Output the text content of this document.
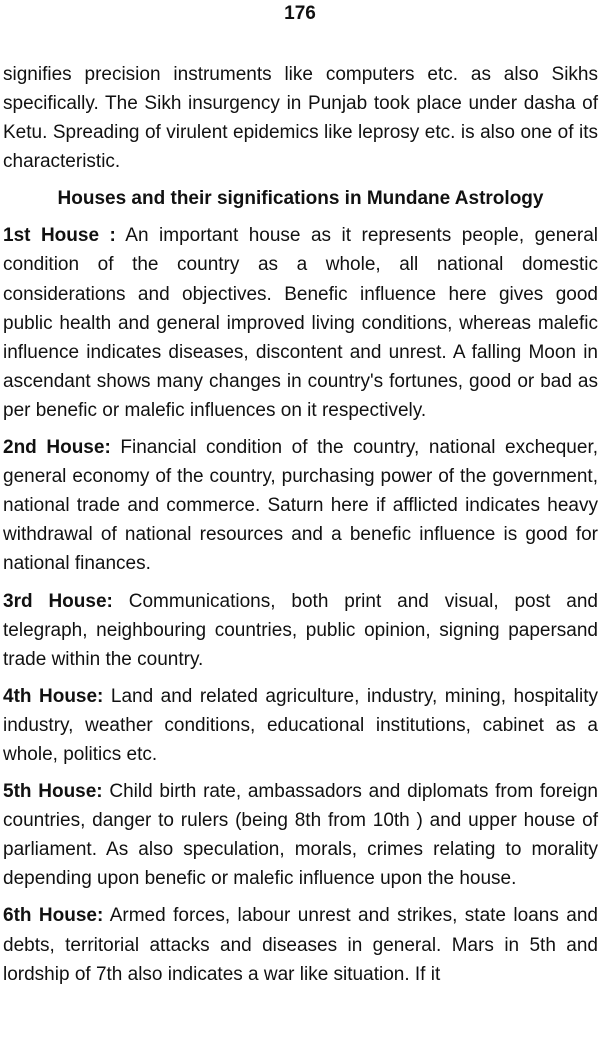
176

signifies precision instruments like computers etc. as also Sikhs specifically. The Sikh insurgency in Punjab took place under dasha of Ketu. Spreading of virulent epidemics like leprosy etc. is also one of its characteristic.

Houses and their significations in Mundane Astrology

1st House : An important house as it represents people, general condition of the country as a whole, all national domestic considerations and objectives. Benefic influence here gives good public health and general improved living conditions, whereas malefic influence indicates diseases, discontent and unrest. A falling Moon in ascendant shows many changes in country's fortunes, good or bad as per benefic or malefic influences on it respectively.

2nd House: Financial condition of the country, national exchequer, general economy of the country, purchasing power of the government, national trade and commerce. Saturn here if afflicted indicates heavy withdrawal of national resources and a benefic influence is good for national finances.

3rd House: Communications, both print and visual, post and telegraph, neighbouring countries, public opinion, signing papersand trade within the country.

4th House: Land and related agriculture, industry, mining, hospitality industry, weather conditions, educational institutions, cabinet as a whole, politics etc.

5th House: Child birth rate, ambassadors and diplomats from foreign countries, danger to rulers (being 8th from 10th ) and upper house of parliament. As also speculation, morals, crimes relating to morality depending upon benefic or malefic influence upon the house.

6th House: Armed forces, labour unrest and strikes, state loans and debts, territorial attacks and diseases in general. Mars in 5th and lordship of 7th also indicates a war like situation. If it
